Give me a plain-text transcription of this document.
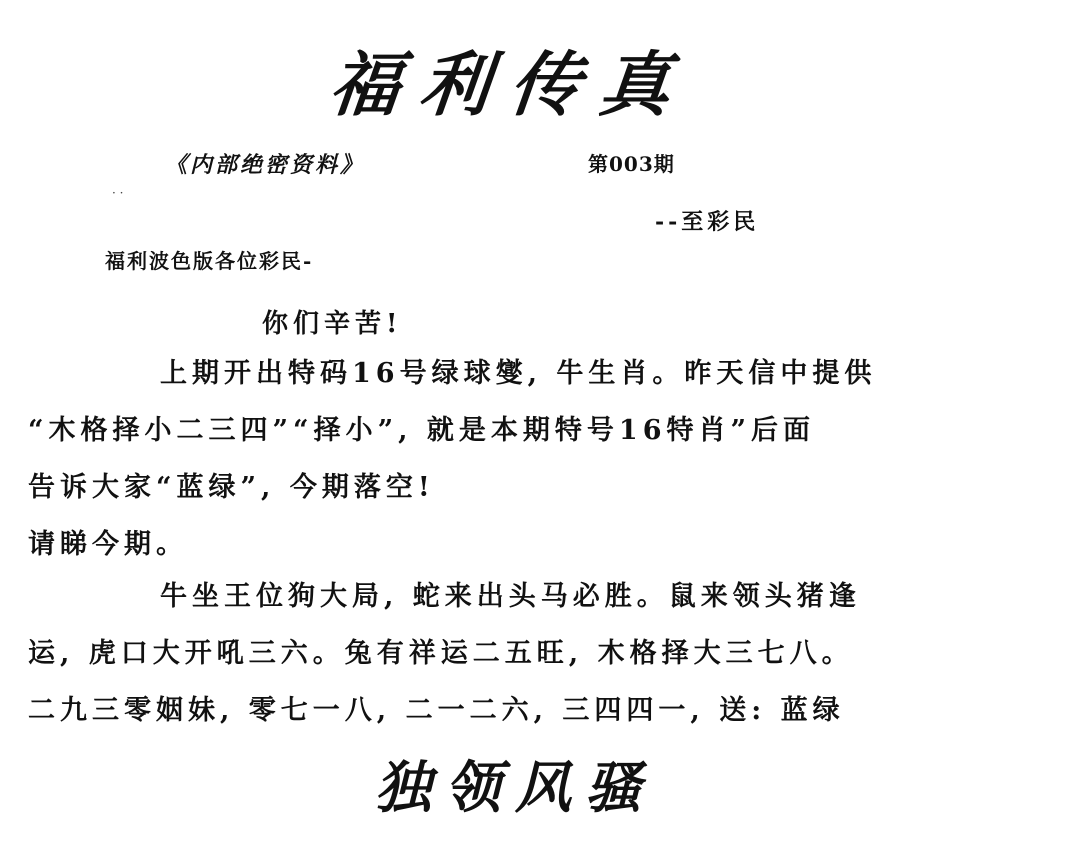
福利传真
《内部绝密资料》	第003期
· ·
--至彩民
福利波色版各位彩民-
你们辛苦!
上期开出特码16号绿球燮, 牛生肖。昨天信中提供
“木格择小二三四”“择小”, 就是本期特号16特肖”后面
告诉大家“蓝绿”, 今期落空!
请睇今期。
牛坐王位狗大局, 蛇来出头马必胜。鼠来领头猪逢
运, 虎口大开吼三六。兔有祥运二五旺, 木格择大三七八。
二九三零姻妹, 零七一八, 二一二六, 三四四一, 送: 蓝绿
独领风骚
